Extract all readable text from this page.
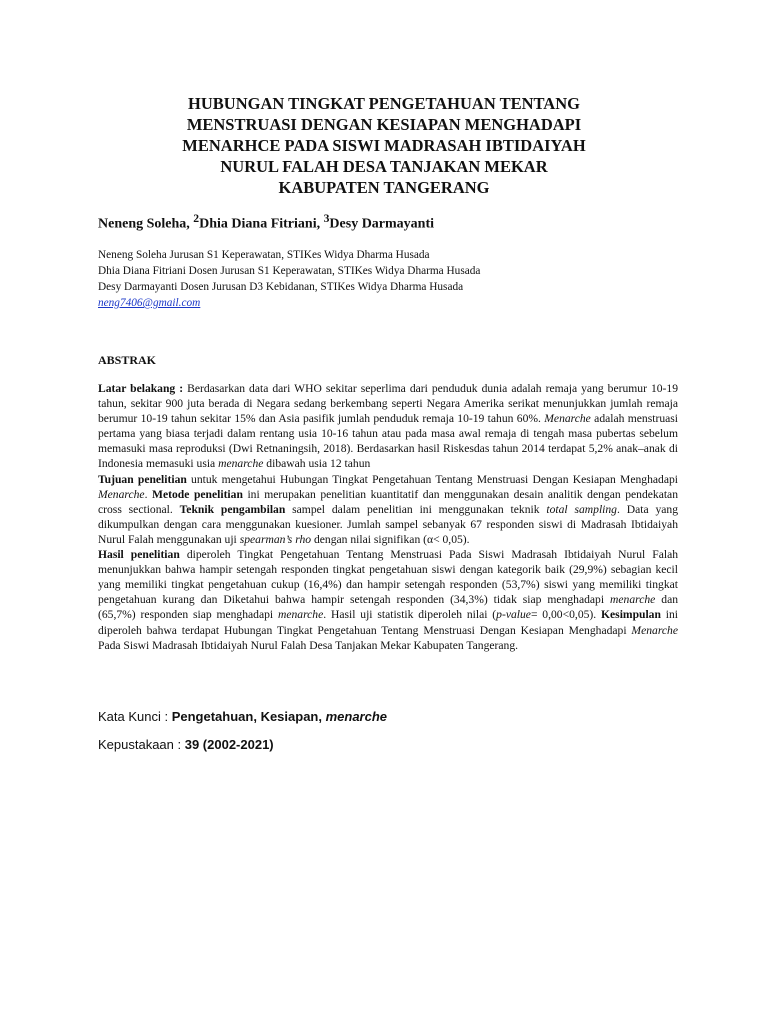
HUBUNGAN TINGKAT PENGETAHUAN TENTANG
MENSTRUASI DENGAN KESIAPAN MENGHADAPI
MENARHCE PADA SISWI MADRASAH IBTIDAIYAH
NURUL FALAH DESA TANJAKAN MEKAR
KABUPATEN TANGERANG
Neneng Soleha, $^2$Dhia Diana Fitriani, $^3$Desy Darmayanti
Neneng Soleha Jurusan S1 Keperawatan, STIKes Widya Dharma Husada
Dhia Diana Fitriani Dosen Jurusan S1 Keperawatan, STIKes Widya Dharma Husada
Desy Darmayanti Dosen Jurusan D3 Kebidanan, STIKes Widya Dharma Husada
neng7406@gmail.com
ABSTRAK
Latar belakang : Berdasarkan data dari WHO sekitar seperlima dari penduduk dunia adalah remaja yang berumur 10-19 tahun, sekitar 900 juta berada di Negara sedang berkembang seperti Negara Amerika serikat menunjukkan jumlah remaja berumur 10-19 tahun sekitar 15% dan Asia pasifik jumlah penduduk remaja 10-19 tahun 60%. Menarche adalah menstruasi pertama yang biasa terjadi dalam rentang usia 10-16 tahun atau pada masa awal remaja di tengah masa pubertas sebelum memasuki masa reproduksi (Dwi Retnaningsih, 2018). Berdasarkan hasil Riskesdas tahun 2014 terdapat 5,2% anak–anak di Indonesia memasuki usia menarche dibawah usia 12 tahun
Tujuan penelitian untuk mengetahui Hubungan Tingkat Pengetahuan Tentang Menstruasi Dengan Kesiapan Menghadapi Menarche. Metode penelitian ini merupakan penelitian kuantitatif dan menggunakan desain analitik dengan pendekatan cross sectional. Teknik pengambilan sampel dalam penelitian ini menggunakan teknik total sampling. Data yang dikumpulkan dengan cara menggunakan kuesioner. Jumlah sampel sebanyak 67 responden siswi di Madrasah Ibtidaiyah Nurul Falah menggunakan uji spearman’s rho dengan nilai signifikan (α< 0,05).
Hasil penelitian diperoleh Tingkat Pengetahuan Tentang Menstruasi Pada Siswi Madrasah Ibtidaiyah Nurul Falah menunjukkan bahwa hampir setengah responden tingkat pengetahuan siswi dengan kategorik baik (29,9%) sebagian kecil yang memiliki tingkat pengetahuan cukup (16,4%) dan hampir setengah responden (53,7%) siswi yang memiliki tingkat pengetahuan kurang dan Diketahui bahwa hampir setengah responden (34,3%) tidak siap menghadapi menarche dan (65,7%) responden siap menghadapi menarche. Hasil uji statistik diperoleh nilai (p-value= 0,00<0,05). Kesimpulan ini diperoleh bahwa terdapat Hubungan Tingkat Pengetahuan Tentang Menstruasi Dengan Kesiapan Menghadapi Menarche Pada Siswi Madrasah Ibtidaiyah Nurul Falah Desa Tanjakan Mekar Kabupaten Tangerang.
Kata Kunci : Pengetahuan, Kesiapan, menarche
Kepustakaan : 39 (2002-2021)
